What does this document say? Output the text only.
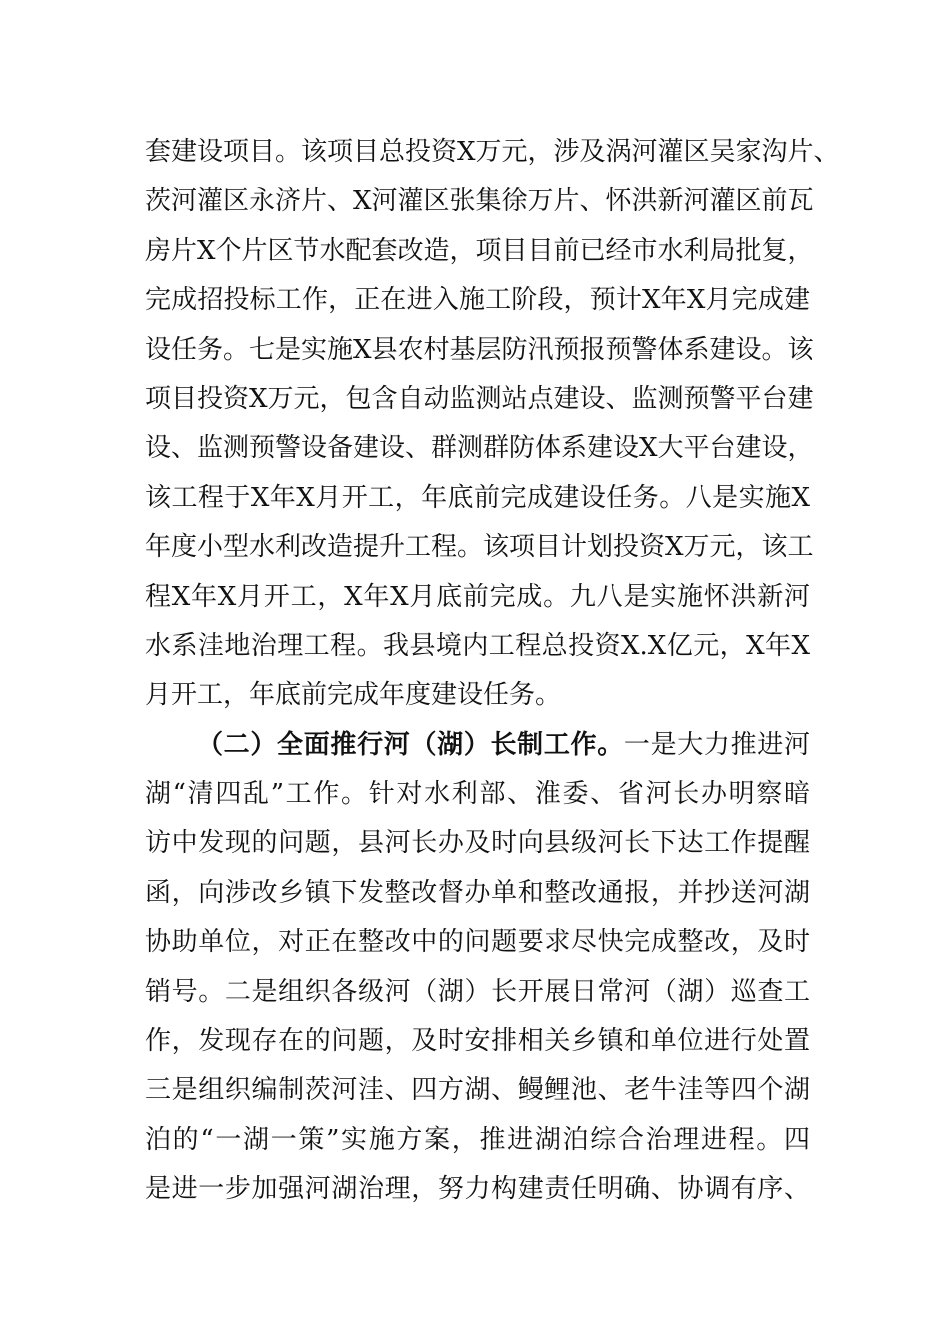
套建设项目。该项目总投资X万元，涉及涡河灌区吴家沟片、
茨河灌区永济片、X河灌区张集徐万片、怀洪新河灌区前瓦
房片X个片区节水配套改造，项目目前已经市水利局批复，
完成招投标工作，正在进入施工阶段，预计X年X月完成建
设任务。七是实施X县农村基层防汛预报预警体系建设。该
项目投资X万元，包含自动监测站点建设、监测预警平台建
设、监测预警设备建设、群测群防体系建设X大平台建设，
该工程于X年X月开工，年底前完成建设任务。八是实施X
年度小型水利改造提升工程。该项目计划投资X万元，该工
程X年X月开工，X年X月底前完成。九八是实施怀洪新河
水系洼地治理工程。我县境内工程总投资X.X亿元，X年X
月开工，年底前完成年度建设任务。
（二）全面推行河（湖）长制工作。一是大力推进河
湖“清四乱”工作。针对水利部、淮委、省河长办明察暗
访中发现的问题，县河长办及时向县级河长下达工作提醒
函，向涉改乡镇下发整改督办单和整改通报，并抄送河湖
协助单位，对正在整改中的问题要求尽快完成整改，及时
销号。二是组织各级河（湖）长开展日常河（湖）巡查工
作，发现存在的问题，及时安排相关乡镇和单位进行处置
三是组织编制茨河洼、四方湖、鳗鲤池、老牛洼等四个湖
泊的“一湖一策”实施方案，推进湖泊综合治理进程。四
是进一步加强河湖治理，努力构建责任明确、协调有序、
